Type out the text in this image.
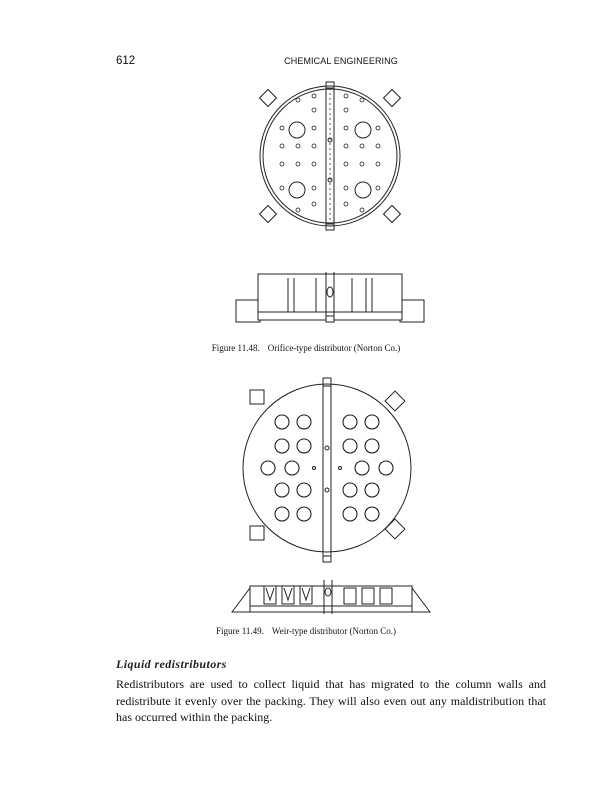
612	CHEMICAL ENGINEERING
Figure 11.48. Orifice-type distributor (Norton Co.)
Figure 11.49. Weir-type distributor (Norton Co.)
Liquid redistributors
Redistributors are used to collect liquid that has migrated to the column walls and redistribute it evenly over the packing. They will also even out any maldistribution that has occurred within the packing.
